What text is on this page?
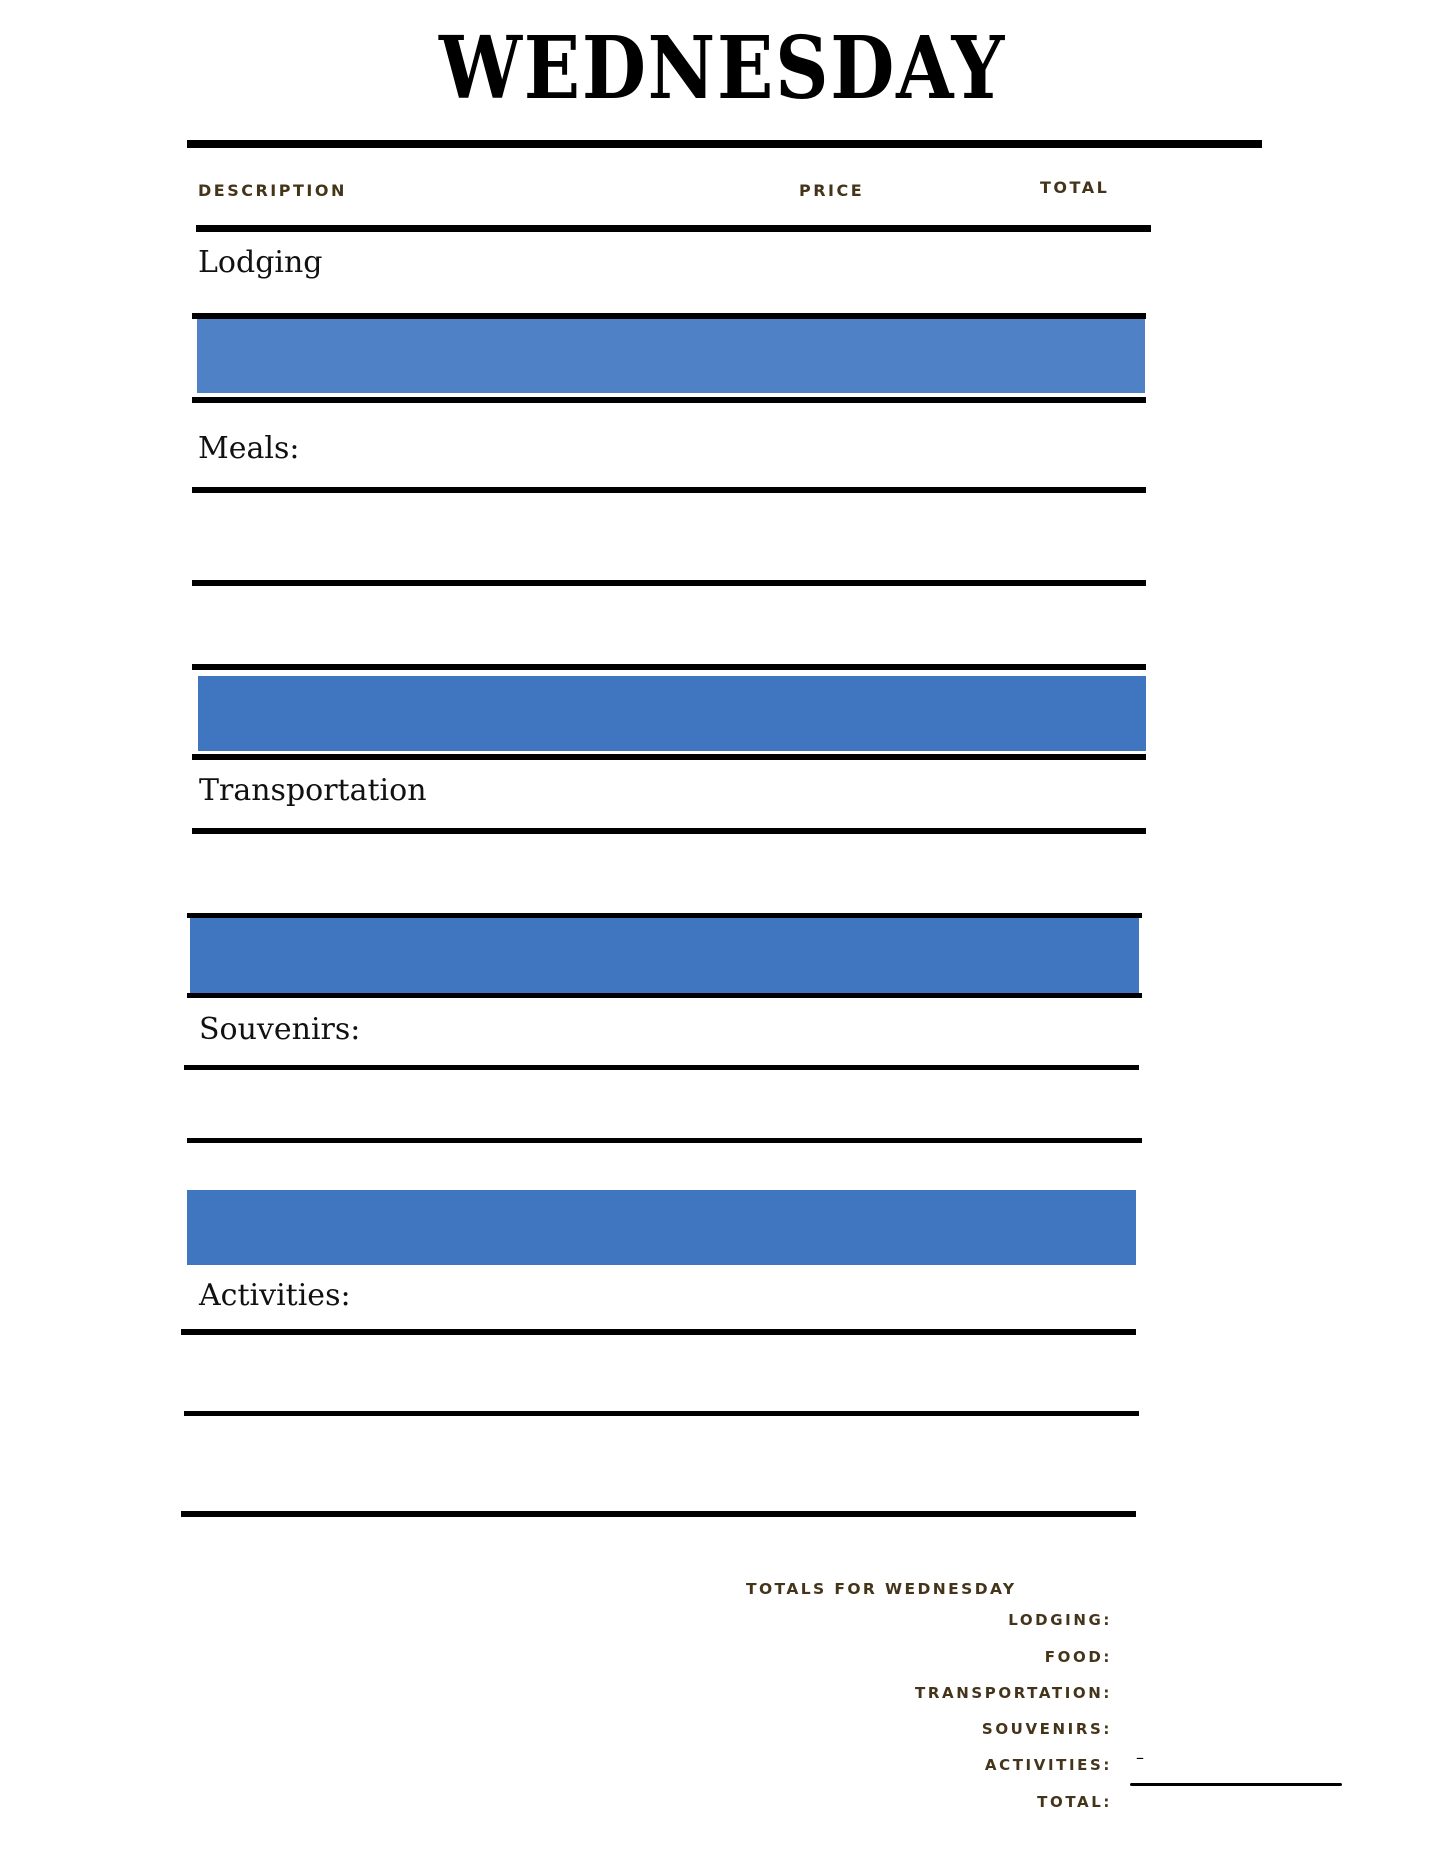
WEDNESDAY
DESCRIPTION	PRICE	TOTAL
Lodging
Meals:
Transportation
Souvenirs:
Activities:
TOTALS FOR WEDNESDAY
LODGING:
FOOD:
TRANSPORTATION:
SOUVENIRS:
ACTIVITIES: –
TOTAL:
